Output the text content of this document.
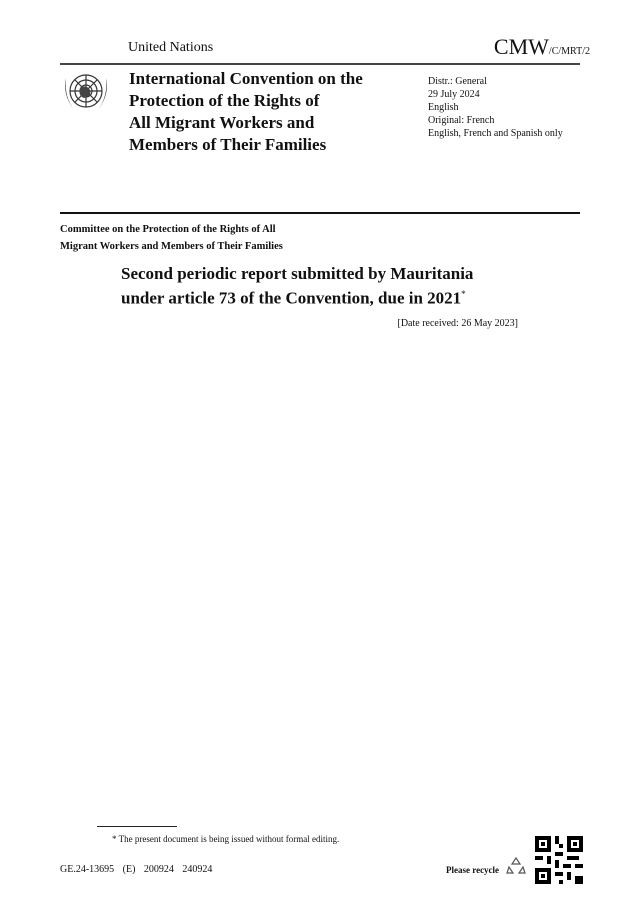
United Nations	CMW/C/MRT/2
International Convention on the
Protection of the Rights of
All Migrant Workers and
Members of Their Families
Distr.: General
29 July 2024
English
Original: French
English, French and Spanish only
Committee on the Protection of the Rights of All
Migrant Workers and Members of Their Families
Second periodic report submitted by Mauritania
under article 73 of the Convention, due in 2021*
[Date received: 26 May 2023]
* The present document is being issued without formal editing.
GE.24-13695 (E) 200924 240924	Please recycle
